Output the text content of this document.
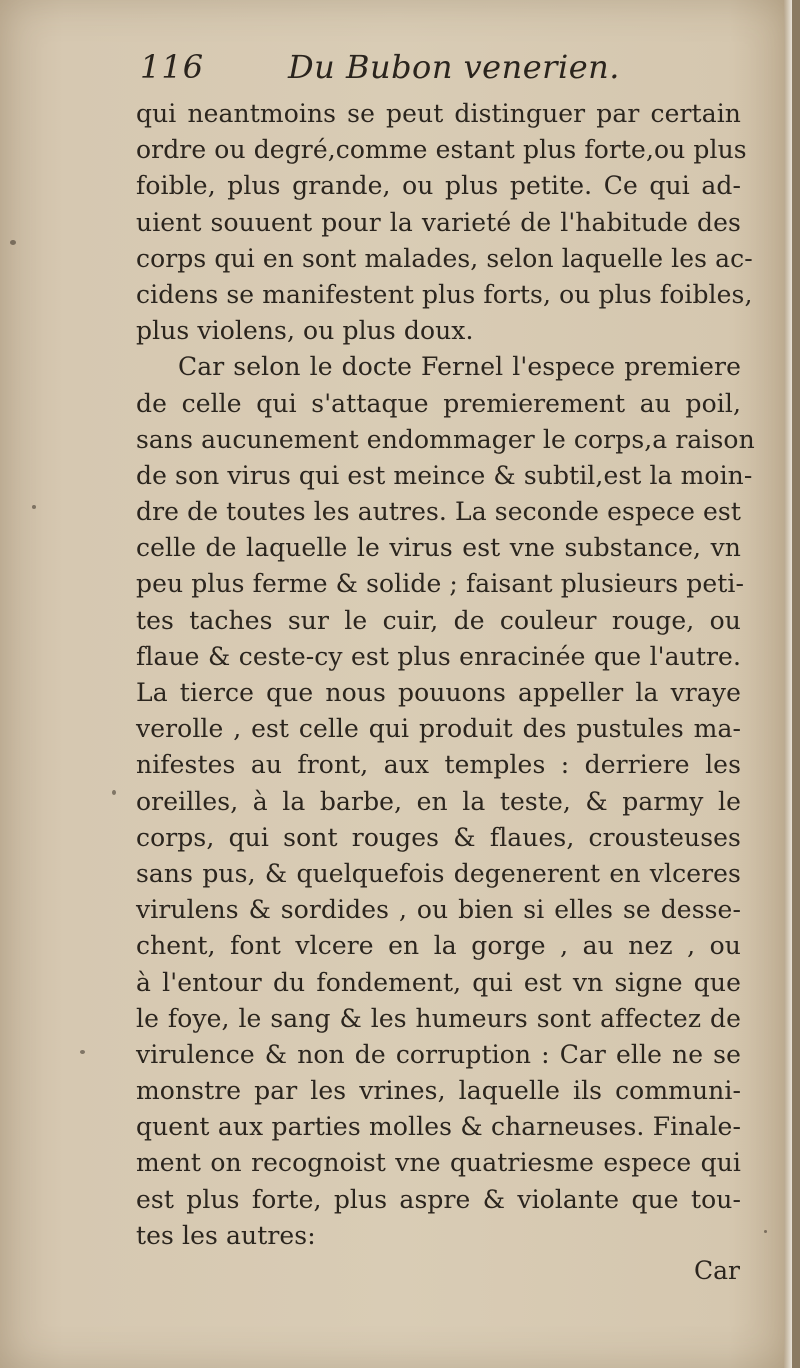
116	Du Bubon venerien.
qui neantmoins se peut distinguer par certain
ordre ou degré,comme estant plus forte,ou plus
foible, plus grande, ou plus petite. Ce qui ad-
uient souuent pour la varieté de l'habitude des
corps qui en sont malades, selon laquelle les ac-
cidens se manifestent plus forts, ou plus foibles,
plus violens, ou plus doux.
Car selon le docte Fernel l'espece premiere
de celle qui s'attaque premierement au poil,
sans aucunement endommager le corps,a raison
de son virus qui est meince & subtil,est la moin-
dre de toutes les autres. La seconde espece est
celle de laquelle le virus est vne substance, vn
peu plus ferme & solide ; faisant plusieurs peti-
tes taches sur le cuir, de couleur rouge, ou
flaue & ceste-cy est plus enracinée que l'autre.
La tierce que nous pouuons appeller la vraye
verolle , est celle qui produit des pustules ma-
nifestes au front, aux temples : derriere les
oreilles, à la barbe, en la teste, & parmy le
corps, qui sont rouges & flaues, crousteuses
sans pus, & quelquefois degenerent en vlceres
virulens & sordides , ou bien si elles se desse-
chent, font vlcere en la gorge , au nez , ou
à l'entour du fondement, qui est vn signe que
le foye, le sang & les humeurs sont affectez de
virulence & non de corruption : Car elle ne se
monstre par les vrines, laquelle ils communi-
quent aux parties molles & charneuses. Finale-
ment on recognoist vne quatriesme espece qui
est plus forte, plus aspre & violante que tou-
tes les autres:
Car
